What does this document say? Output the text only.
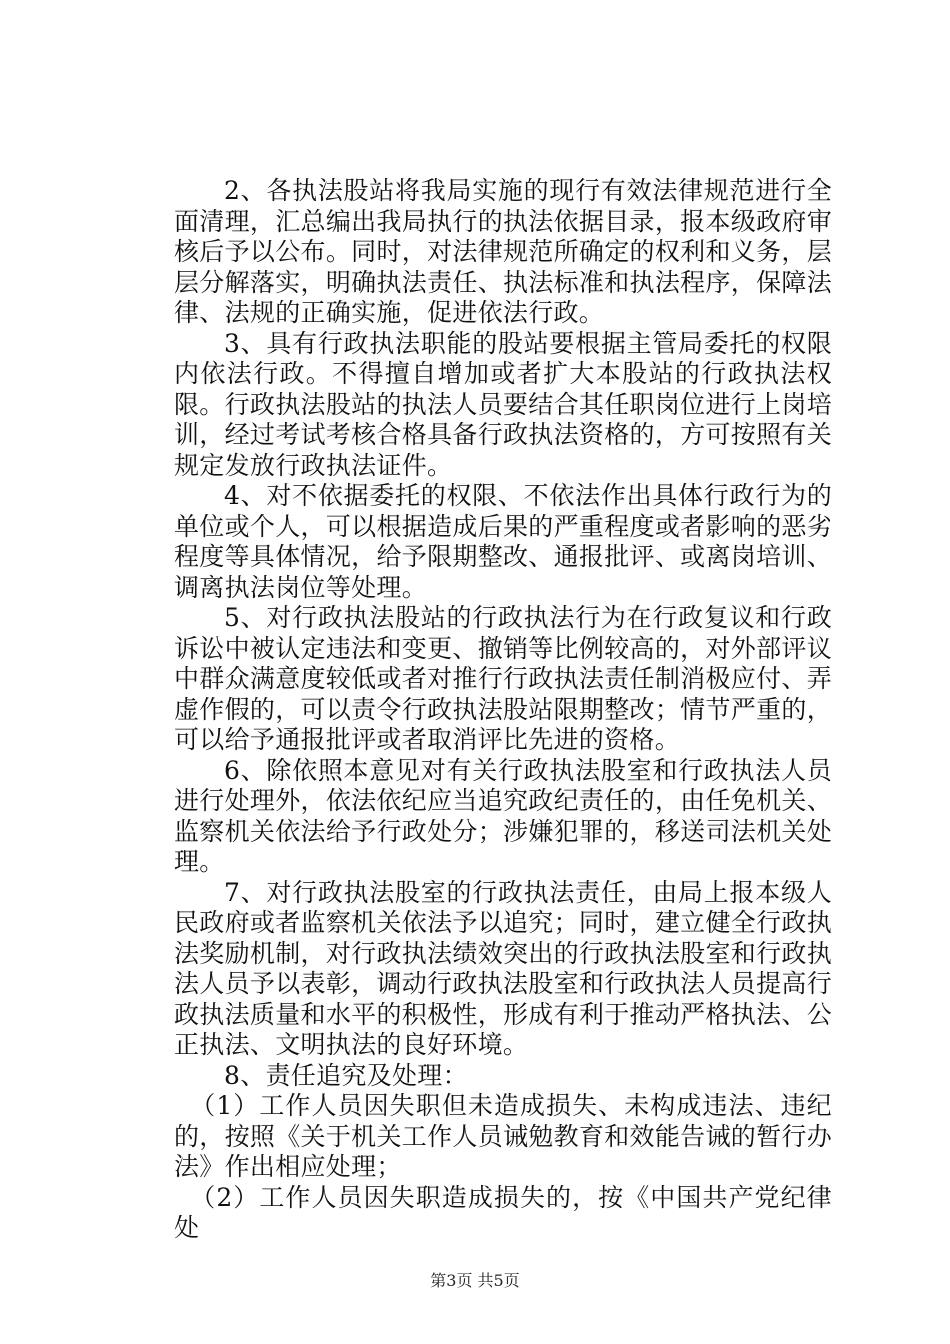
2、各执法股站将我局实施的现行有效法律规范进行全面清理，汇总编出我局执行的执法依据目录，报本级政府审核后予以公布。同时，对法律规范所确定的权利和义务，层层分解落实，明确执法责任、执法标准和执法程序，保障法律、法规的正确实施，促进依法行政。

3、具有行政执法职能的股站要根据主管局委托的权限内依法行政。不得擅自增加或者扩大本股站的行政执法权限。行政执法股站的执法人员要结合其任职岗位进行上岗培训，经过考试考核合格具备行政执法资格的，方可按照有关规定发放行政执法证件。

4、对不依据委托的权限、不依法作出具体行政行为的单位或个人，可以根据造成后果的严重程度或者影响的恶劣程度等具体情况，给予限期整改、通报批评、或离岗培训、调离执法岗位等处理。

5、对行政执法股站的行政执法行为在行政复议和行政诉讼中被认定违法和变更、撤销等比例较高的，对外部评议中群众满意度较低或者对推行行政执法责任制消极应付、弄虚作假的，可以责令行政执法股站限期整改；情节严重的，可以给予通报批评或者取消评比先进的资格。

6、除依照本意见对有关行政执法股室和行政执法人员进行处理外，依法依纪应当追究政纪责任的，由任免机关、监察机关依法给予行政处分；涉嫌犯罪的，移送司法机关处理。

7、对行政执法股室的行政执法责任，由局上报本级人民政府或者监察机关依法予以追究；同时，建立健全行政执法奖励机制，对行政执法绩效突出的行政执法股室和行政执法人员予以表彰，调动行政执法股室和行政执法人员提高行政执法质量和水平的积极性，形成有利于推动严格执法、公正执法、文明执法的良好环境。

8、责任追究及处理：

（1）工作人员因失职但未造成损失、未构成违法、违纪的，按照《关于机关工作人员诫勉教育和效能告诫的暂行办法》作出相应处理；

（2）工作人员因失职造成损失的，按《中国共产党纪律处

第3页 共5页
